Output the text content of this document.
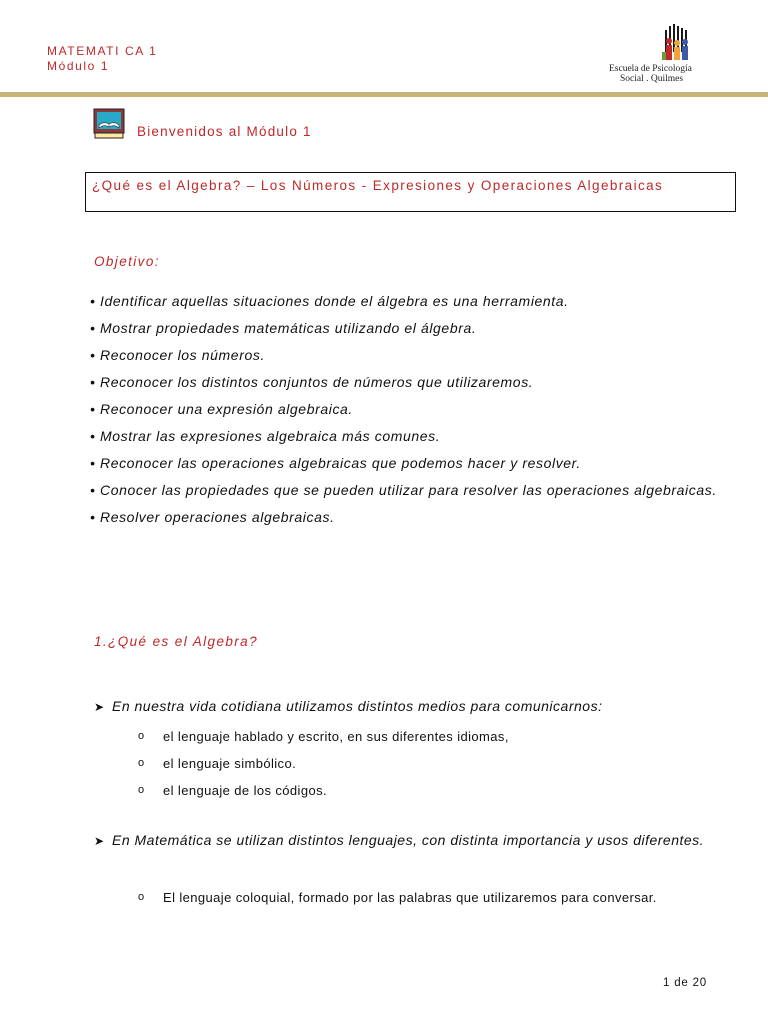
MATEMATI CA 1
Módulo 1	Escuela de Psicología
Social . Quilmes
Bienvenidos al Módulo 1

¿Qué es el Algebra? – Los Números - Expresiones y Operaciones Algebraicas

Objetivo:
• Identificar aquellas situaciones donde el álgebra es una herramienta.
• Mostrar propiedades matemáticas utilizando el álgebra.
• Reconocer los números.
• Reconocer los distintos conjuntos de números que utilizaremos.
• Reconocer una expresión algebraica.
• Mostrar las expresiones algebraica más comunes.
• Reconocer las operaciones algebraicas que podemos hacer y resolver.
• Conocer las propiedades que se pueden utilizar para resolver las operaciones algebraicas.
• Resolver operaciones algebraicas.
1.¿Qué es el Algebra?
➤ En nuestra vida cotidiana utilizamos distintos medios para comunicarnos:
o el lenguaje hablado y escrito, en sus diferentes idiomas,
o el lenguaje simbólico.
o el lenguaje de los códigos.
➤ En Matemática se utilizan distintos lenguajes, con distinta importancia y usos diferentes.
o El lenguaje coloquial, formado por las palabras que utilizaremos para conversar.
1 de 20
